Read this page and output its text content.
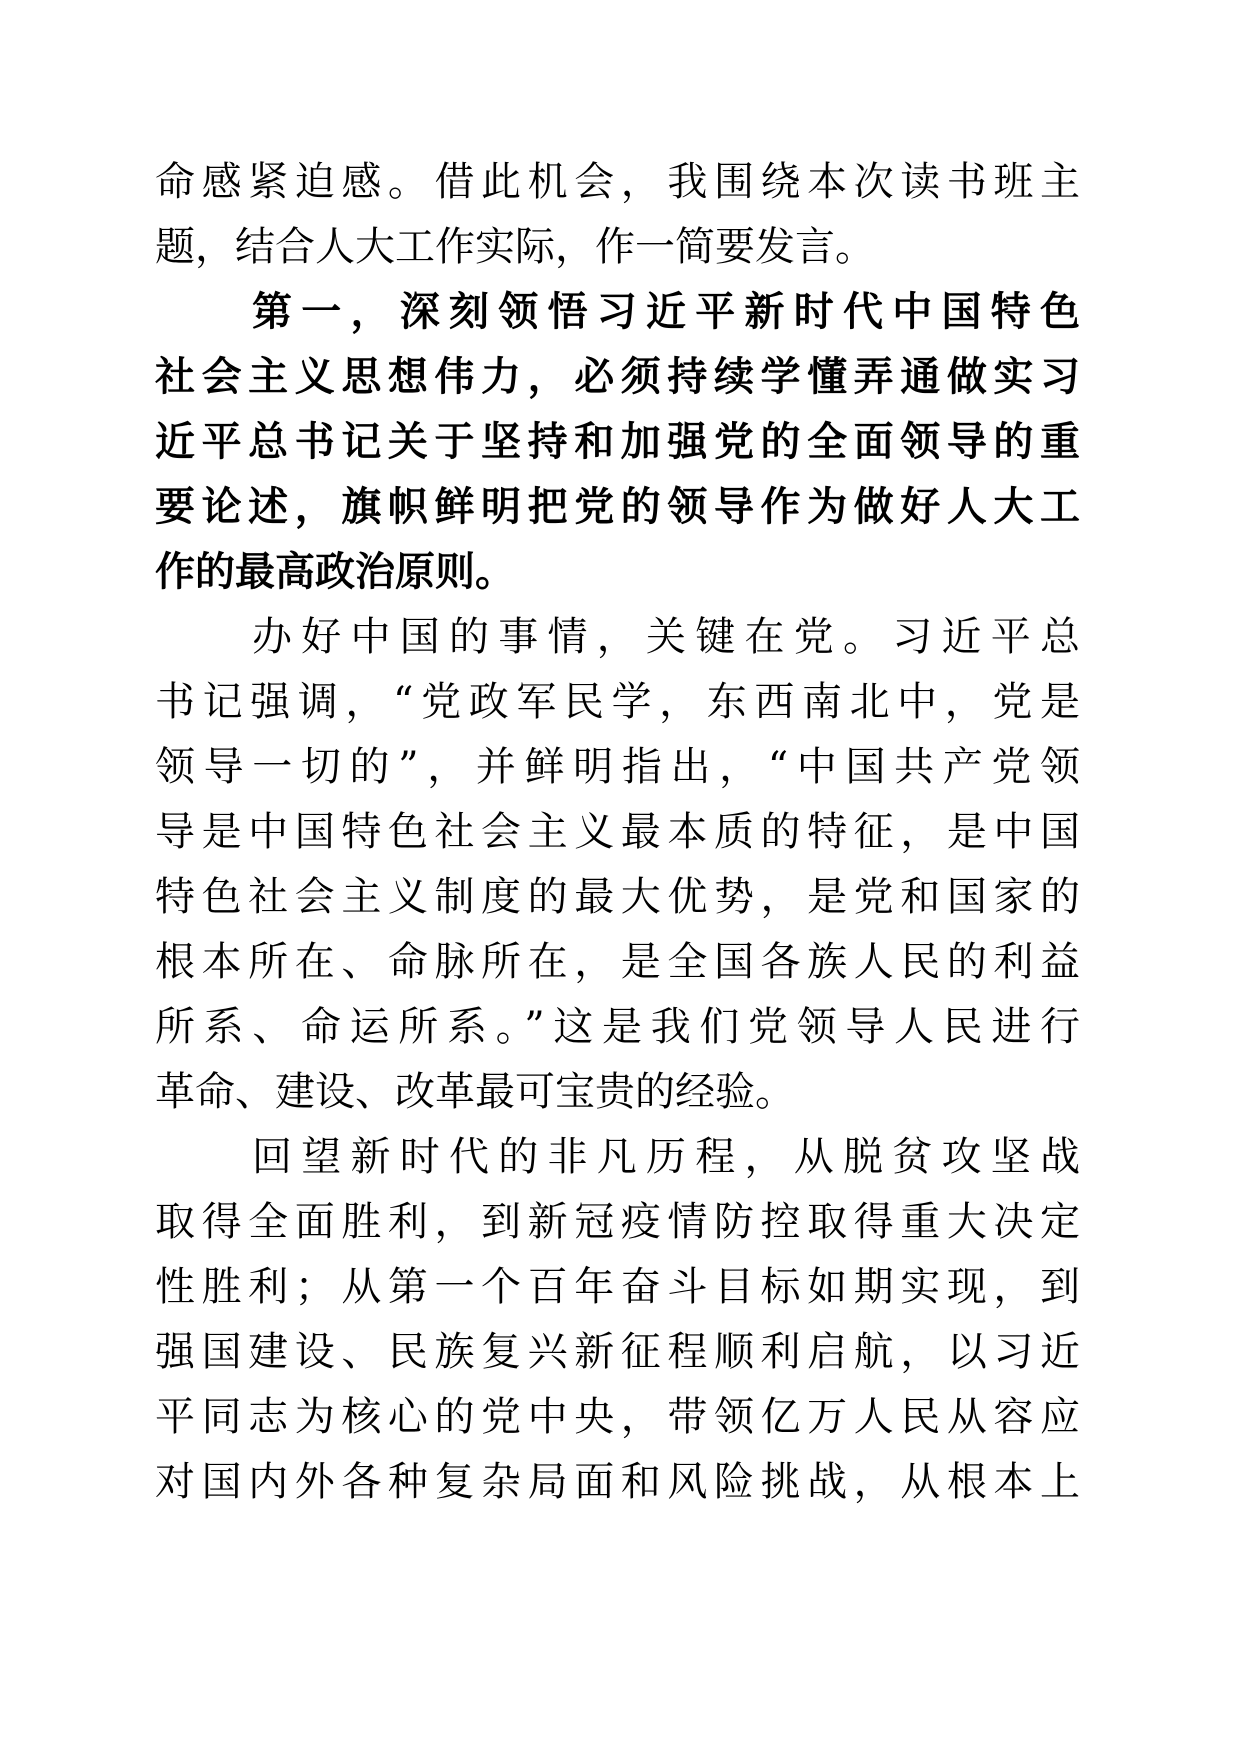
命感紧迫感。借此机会，我围绕本次读书班主
题，结合人大工作实际，作一简要发言。
第一，深刻领悟习近平新时代中国特色
社会主义思想伟力，必须持续学懂弄通做实习
近平总书记关于坚持和加强党的全面领导的重
要论述，旗帜鲜明把党的领导作为做好人大工
作的最高政治原则。
办好中国的事情，关键在党。习近平总
书记强调，“党政军民学，东西南北中，党是
领导一切的”，并鲜明指出，“中国共产党领
导是中国特色社会主义最本质的特征，是中国
特色社会主义制度的最大优势，是党和国家的
根本所在、命脉所在，是全国各族人民的利益
所系、命运所系。”这是我们党领导人民进行
革命、建设、改革最可宝贵的经验。
回望新时代的非凡历程，从脱贫攻坚战
取得全面胜利，到新冠疫情防控取得重大决定
性胜利；从第一个百年奋斗目标如期实现，到
强国建设、民族复兴新征程顺利启航，以习近
平同志为核心的党中央，带领亿万人民从容应
对国内外各种复杂局面和风险挑战，从根本上
